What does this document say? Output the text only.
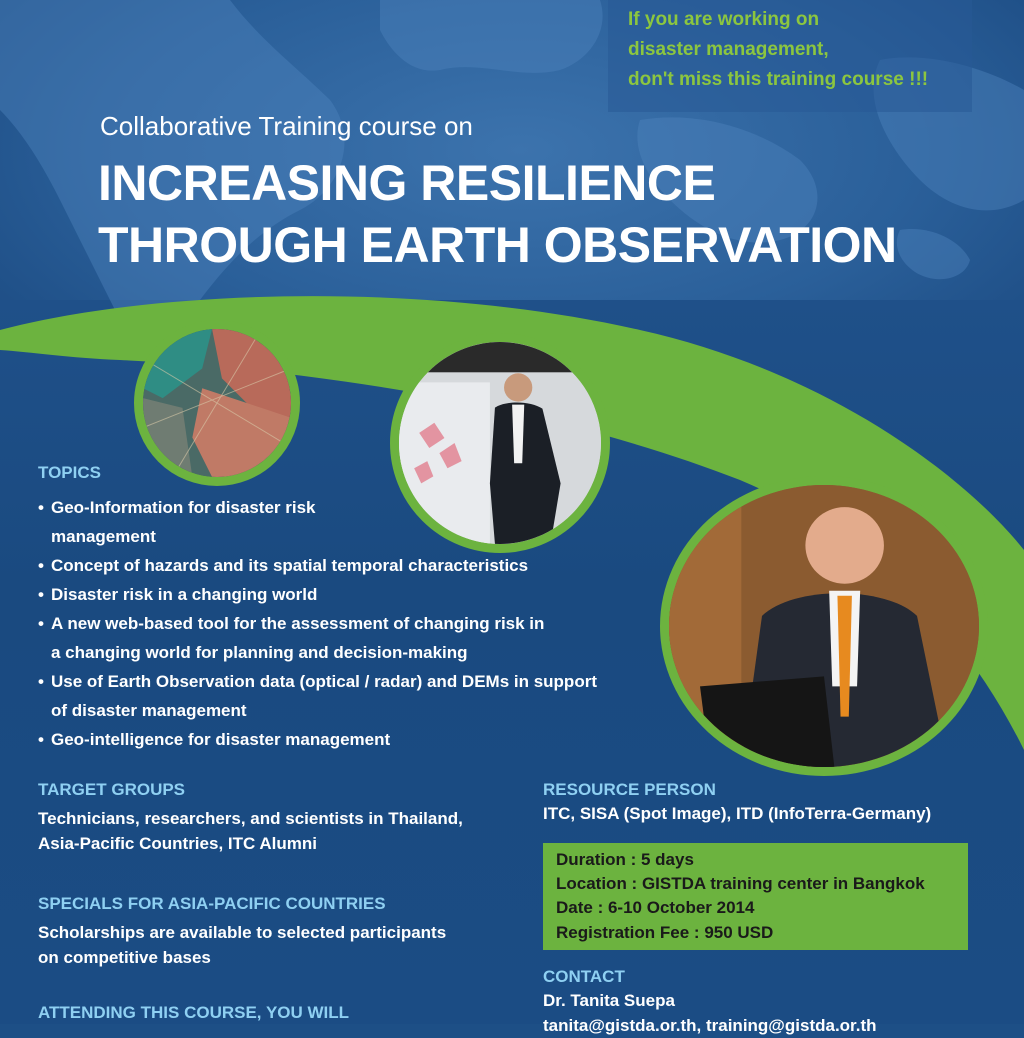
If you are working on
disaster management,
don't miss this training course !!!
Collaborative Training course on
INCREASING RESILIENCE
THROUGH EARTH OBSERVATION
TOPICS
• Geo-Information for disaster risk
management
• Concept of hazards and its spatial temporal characteristics
• Disaster risk in a changing world
• A new web-based tool for the assessment of changing risk in
a changing world for planning and decision-making
• Use of Earth Observation data (optical / radar) and DEMs in support
of disaster management
• Geo-intelligence for disaster management
TARGET GROUPS
Technicians, researchers, and scientists in Thailand,
Asia-Pacific Countries, ITC Alumni
SPECIALS FOR ASIA-PACIFIC COUNTRIES
Scholarships are available to selected participants
on competitive bases
ATTENDING THIS COURSE, YOU WILL
RESOURCE PERSON
ITC, SISA (Spot Image), ITD (InfoTerra-Germany)
Duration : 5 days
Location : GISTDA training center in Bangkok
Date : 6-10 October 2014
Registration Fee : 950 USD
CONTACT
Dr. Tanita Suepa
tanita@gistda.or.th, training@gistda.or.th
